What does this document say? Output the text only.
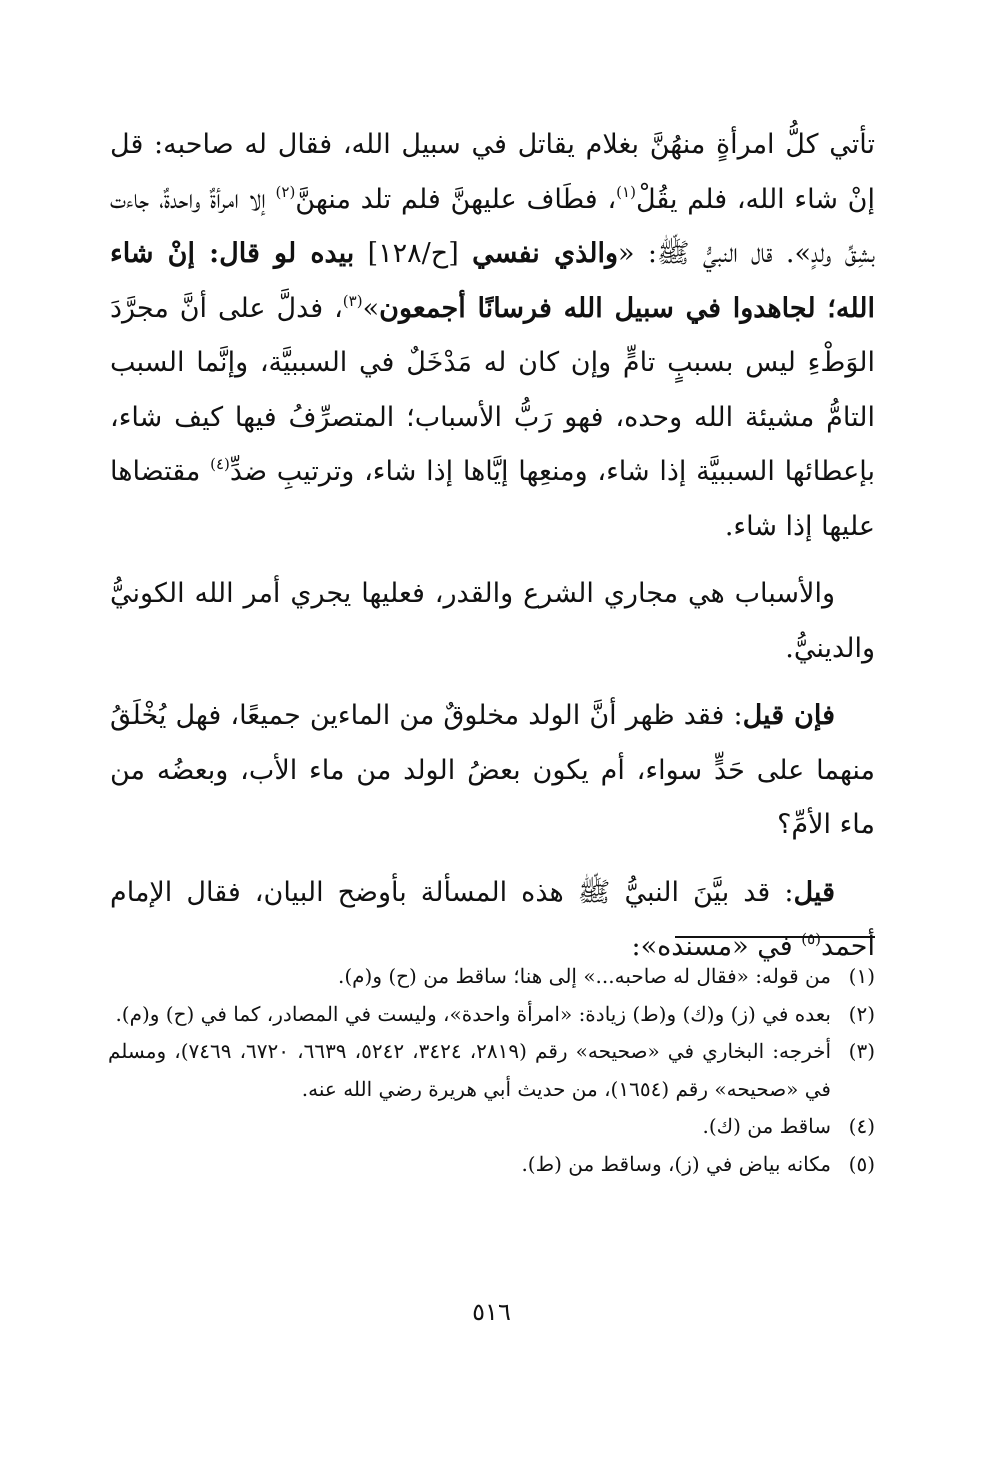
تأتي كلُّ امرأةٍ منهُنَّ بغلام يقاتل في سبيل الله، فقال له صاحبه: قل إنْ شاء الله، فلم يقُلْ$^{(١)}$، فطَاف عليهنَّ فلم تلد منهنَّ$^{(٢)}$ إلا امرأةٌ واحدةٌ، جاءت بشِقِّ ولدٍ». قال النبيُّ ﷺ: «والذي نفسي [ح/١٢٨] بيده لو قال: إنْ شاء الله؛ لجاهدوا في سبيل الله فرسانًا أجمعون»$^{(٣)}$، فدلَّ على أنَّ مجرَّدَ الوَطْءِ ليس بسببٍ تامٍّ وإن كان له مَدْخَلٌ في السببيَّة، وإنَّما السبب التامُّ مشيئة الله وحده، فهو رَبُّ الأسباب؛ المتصرِّفُ فيها كيف شاء، بإعطائها السببيَّة إذا شاء، ومنعِها إيَّاها إذا شاء، وترتيبِ ضدِّ$^{(٤)}$ مقتضاها عليها إذا شاء.

والأسباب هي مجاري الشرع والقدر، فعليها يجري أمر الله الكونيُّ والدينيُّ.

فإن قيل: فقد ظهر أنَّ الولد مخلوقٌ من الماءين جميعًا، فهل يُخْلَقُ منهما على حَدٍّ سواء، أم يكون بعضُ الولد من ماء الأب، وبعضُه من ماء الأمِّ؟

قيل: قد بيَّنَ النبيُّ ﷺ هذه المسألة بأوضح البيان، فقال الإمام أحمد$^{(٥)}$ في «مسنده»:

(١)
من قوله: «فقال له صاحبه...» إلى هنا؛ ساقط من (ح) و(م).
(٢)
بعده في (ز) و(ك) و(ط) زيادة: «امرأة واحدة»، وليست في المصادر، كما في (ح) و(م).
(٣)
أخرجه: البخاري في «صحيحه» رقم (٢٨١٩، ٣٤٢٤، ٥٢٤٢، ٦٦٣٩، ٦٧٢٠، ٧٤٦٩)، ومسلم في «صحيحه» رقم (١٦٥٤)، من حديث أبي هريرة رضي الله عنه.
(٤)
ساقط من (ك).
(٥)
مكانه بياض في (ز)، وساقط من (ط).
٥١٦
